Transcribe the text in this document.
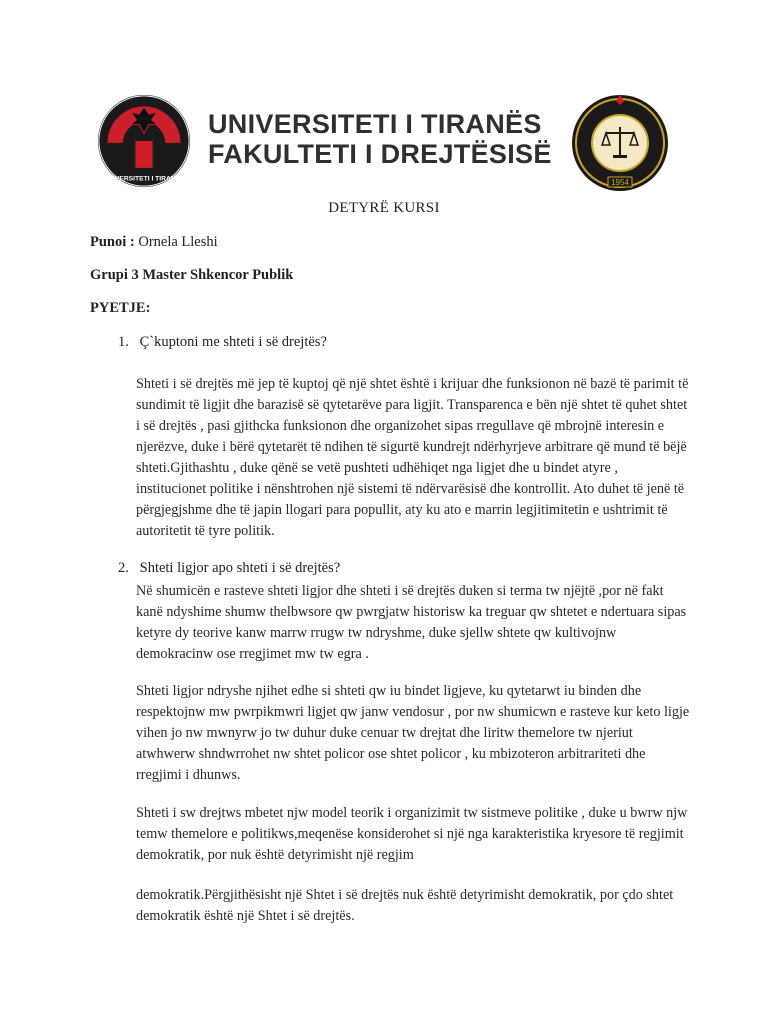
UNIVERSITETI I TIRANËS
UNIVERSITETI I TIRANËS
FAKULTETI I DREJTËSISË
1954
DETYRË KURSI
Punoi : Ornela Lleshi
Grupi 3 Master Shkencor Publik
PYETJE:
1. Ç`kuptoni me shteti i së drejtës?
Shteti i së drejtës më jep të kuptoj që një shtet është i krijuar dhe funksionon në bazë të parimit të sundimit të ligjit dhe barazisë së qytetarëve para ligjit. Transparenca e bën një shtet të quhet shtet i së drejtës , pasi gjithcka funksionon dhe organizohet sipas rregullave që mbrojnë interesin e njerëzve, duke i bërë qytetarët të ndihen të sigurtë kundrejt ndërhyrjeve arbitrare që mund të bëjë shteti.Gjithashtu , duke qënë se vetë pushteti udhëhiqet nga ligjet dhe u bindet atyre , institucionet politike i nënshtrohen një sistemi të ndërvarësisë dhe kontrollit. Ato duhet të jenë të përgjegjshme dhe të japin llogari para popullit, aty ku ato e marrin legjitimitetin e ushtrimit të autoritetit të tyre politik.
2. Shteti ligjor apo shteti i së drejtës?
Në shumicën e rasteve shteti ligjor dhe shteti i së drejtës duken si terma tw njëjtë ,por në fakt kanë ndyshime shumw thelbwsore qw pwrgjatw historisw ka treguar qw shtetet e ndertuara sipas ketyre dy teorive kanw marrw rrugw tw ndryshme, duke sjellw shtete qw kultivojnw demokracinw ose rregjimet mw tw egra .
Shteti ligjor ndryshe njihet edhe si shteti qw iu bindet ligjeve, ku qytetarwt iu binden dhe respektojnw mw pwrpikmwri ligjet qw janw vendosur , por nw shumicwn e rasteve kur keto ligje vihen jo nw mwnyrw jo tw duhur duke cenuar tw drejtat dhe liritw themelore tw njeriut atwhwerw shndwrrohet nw shtet policor ose shtet policor , ku mbizoteron arbitrariteti dhe rregjimi i dhunws.
Shteti i sw drejtws mbetet njw model teorik i organizimit tw sistmeve politike , duke u bwrw njw temw themelore e politikws,meqenëse konsiderohet si një nga karakteristika kryesore të regjimit demokratik, por nuk është detyrimisht një regjim
demokratik.Përgjithësisht një Shtet i së drejtës nuk është detyrimisht demokratik, por çdo shtet demokratik është një Shtet i së drejtës.
